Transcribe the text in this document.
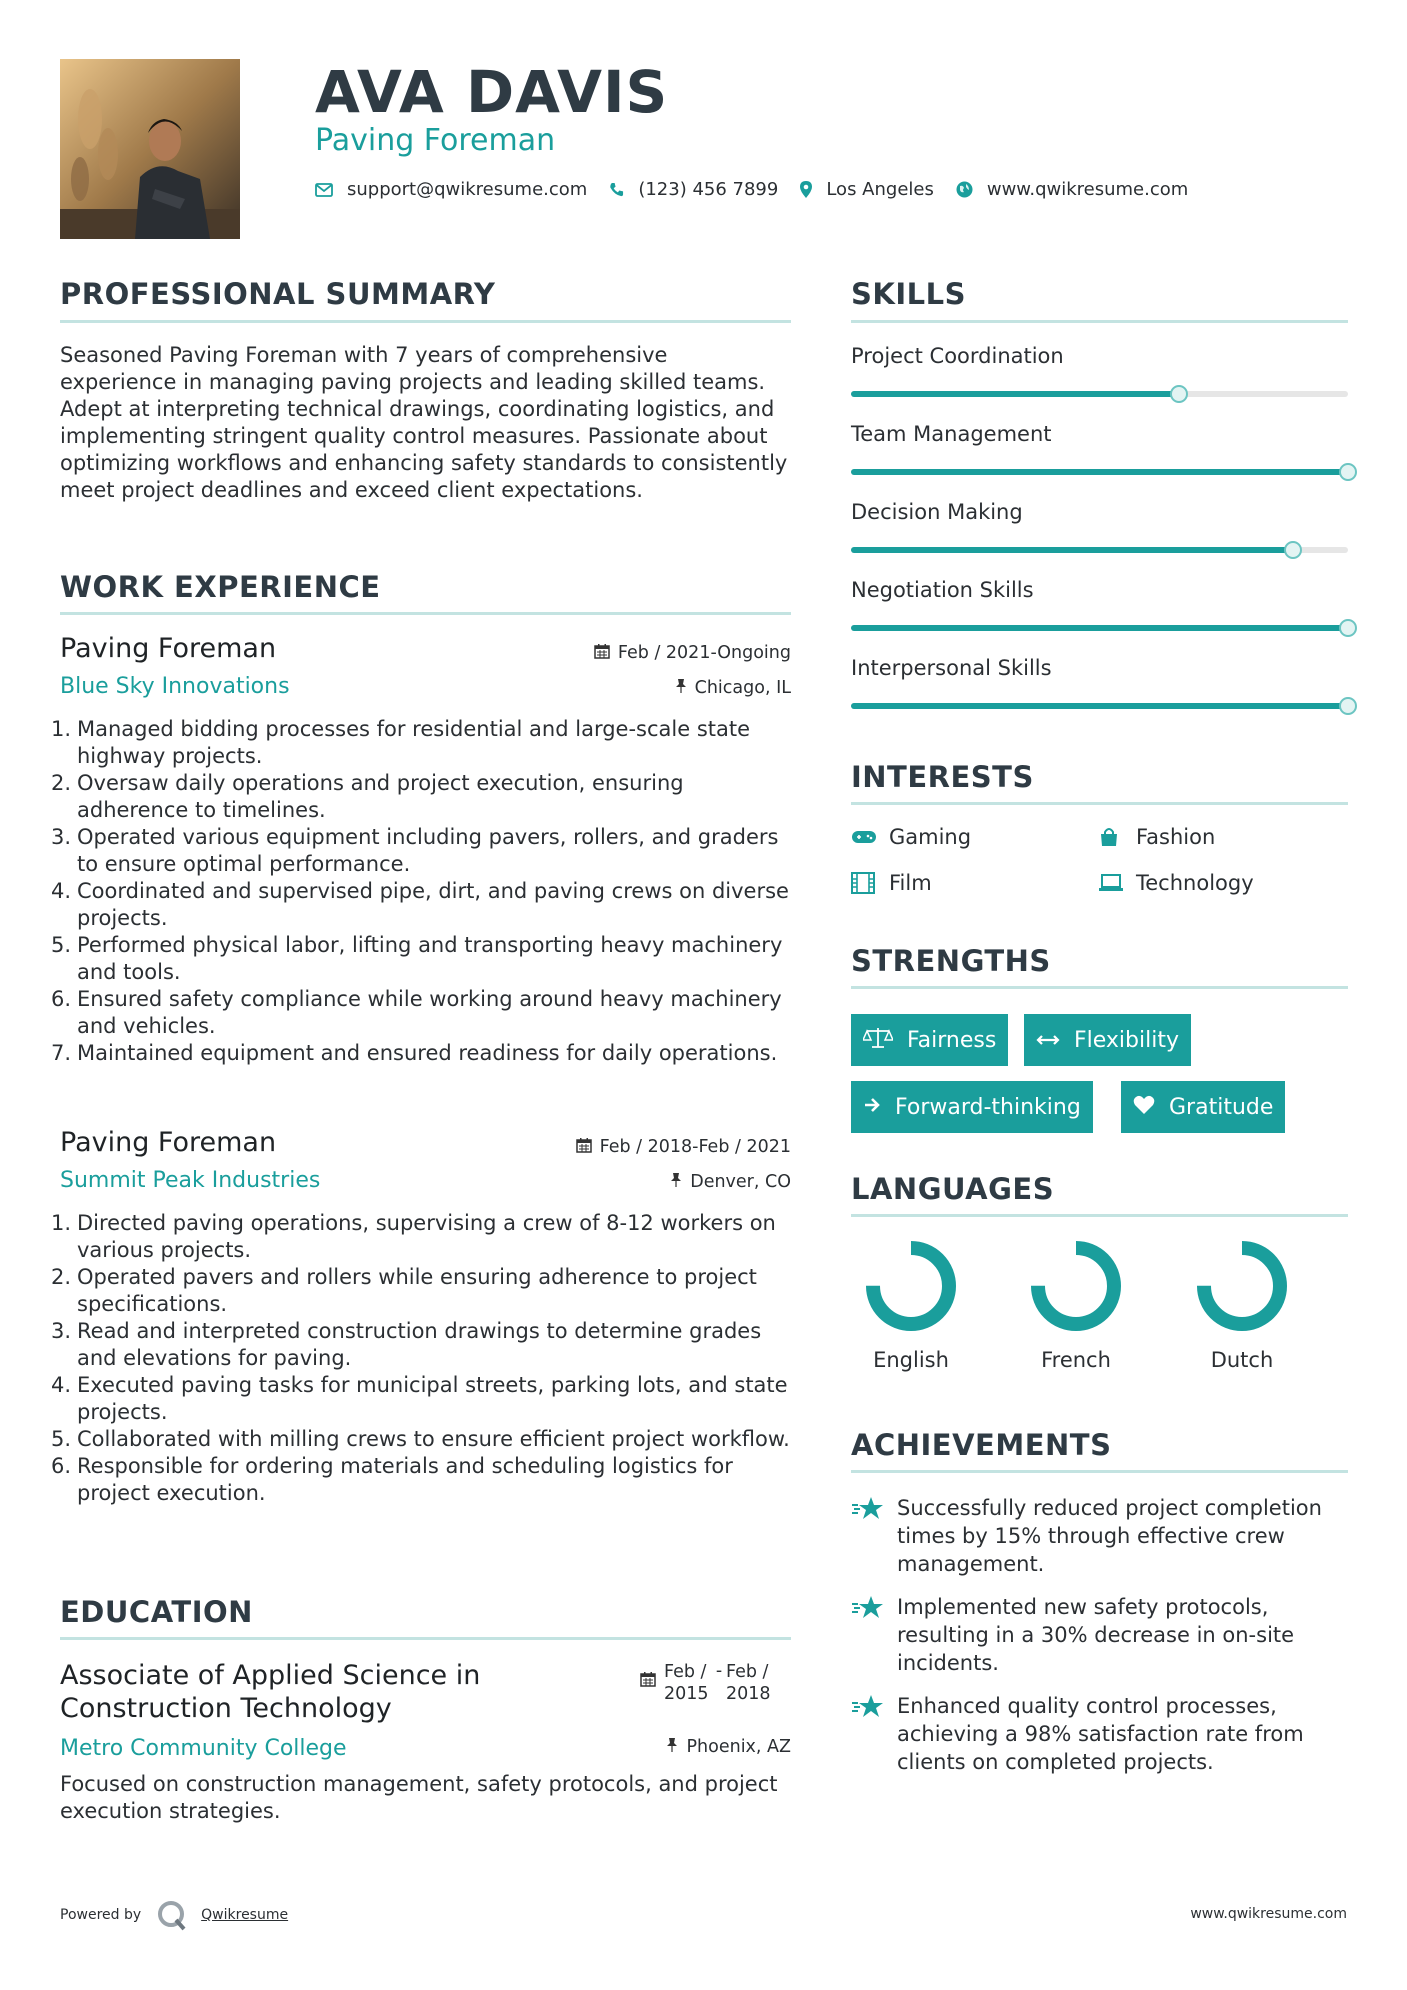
AVA DAVIS
Paving Foreman
support@qwikresume.com	(123) 456 7899	Los Angeles	www.qwikresume.com
PROFESSIONAL SUMMARY
Seasoned Paving Foreman with 7 years of comprehensive experience in managing paving projects and leading skilled teams. Adept at interpreting technical drawings, coordinating logistics, and implementing stringent quality control measures. Passionate about optimizing workflows and enhancing safety standards to consistently meet project deadlines and exceed client expectations.
WORK EXPERIENCE
Paving Foreman	Feb / 2021-Ongoing
Blue Sky Innovations	Chicago, IL
1. Managed bidding processes for residential and large-scale state highway projects.
2. Oversaw daily operations and project execution, ensuring adherence to timelines.
3. Operated various equipment including pavers, rollers, and graders to ensure optimal performance.
4. Coordinated and supervised pipe, dirt, and paving crews on diverse projects.
5. Performed physical labor, lifting and transporting heavy machinery and tools.
6. Ensured safety compliance while working around heavy machinery and vehicles.
7. Maintained equipment and ensured readiness for daily operations.
Paving Foreman	Feb / 2018-Feb / 2021
Summit Peak Industries	Denver, CO
1. Directed paving operations, supervising a crew of 8-12 workers on various projects.
2. Operated pavers and rollers while ensuring adherence to project specifications.
3. Read and interpreted construction drawings to determine grades and elevations for paving.
4. Executed paving tasks for municipal streets, parking lots, and state projects.
5. Collaborated with milling crews to ensure efficient project workflow.
6. Responsible for ordering materials and scheduling logistics for project execution.
EDUCATION
Associate of Applied Science in Construction Technology
Feb / 2015
- Feb / 2018
Metro Community College	Phoenix, AZ
Focused on construction management, safety protocols, and project execution strategies.
SKILLS
Project Coordination
Team Management
Decision Making
Negotiation Skills
Interpersonal Skills
INTERESTS
Gaming	Fashion
Film	Technology
STRENGTHS
Fairness	Flexibility
Forward-thinking	Gratitude
LANGUAGES
English	French	Dutch
ACHIEVEMENTS
Successfully reduced project completion times by 15% through effective crew management.
Implemented new safety protocols, resulting in a 30% decrease in on-site incidents.
Enhanced quality control processes, achieving a 98% satisfaction rate from clients on completed projects.
Powered by	Qwikresume	www.qwikresume.com
